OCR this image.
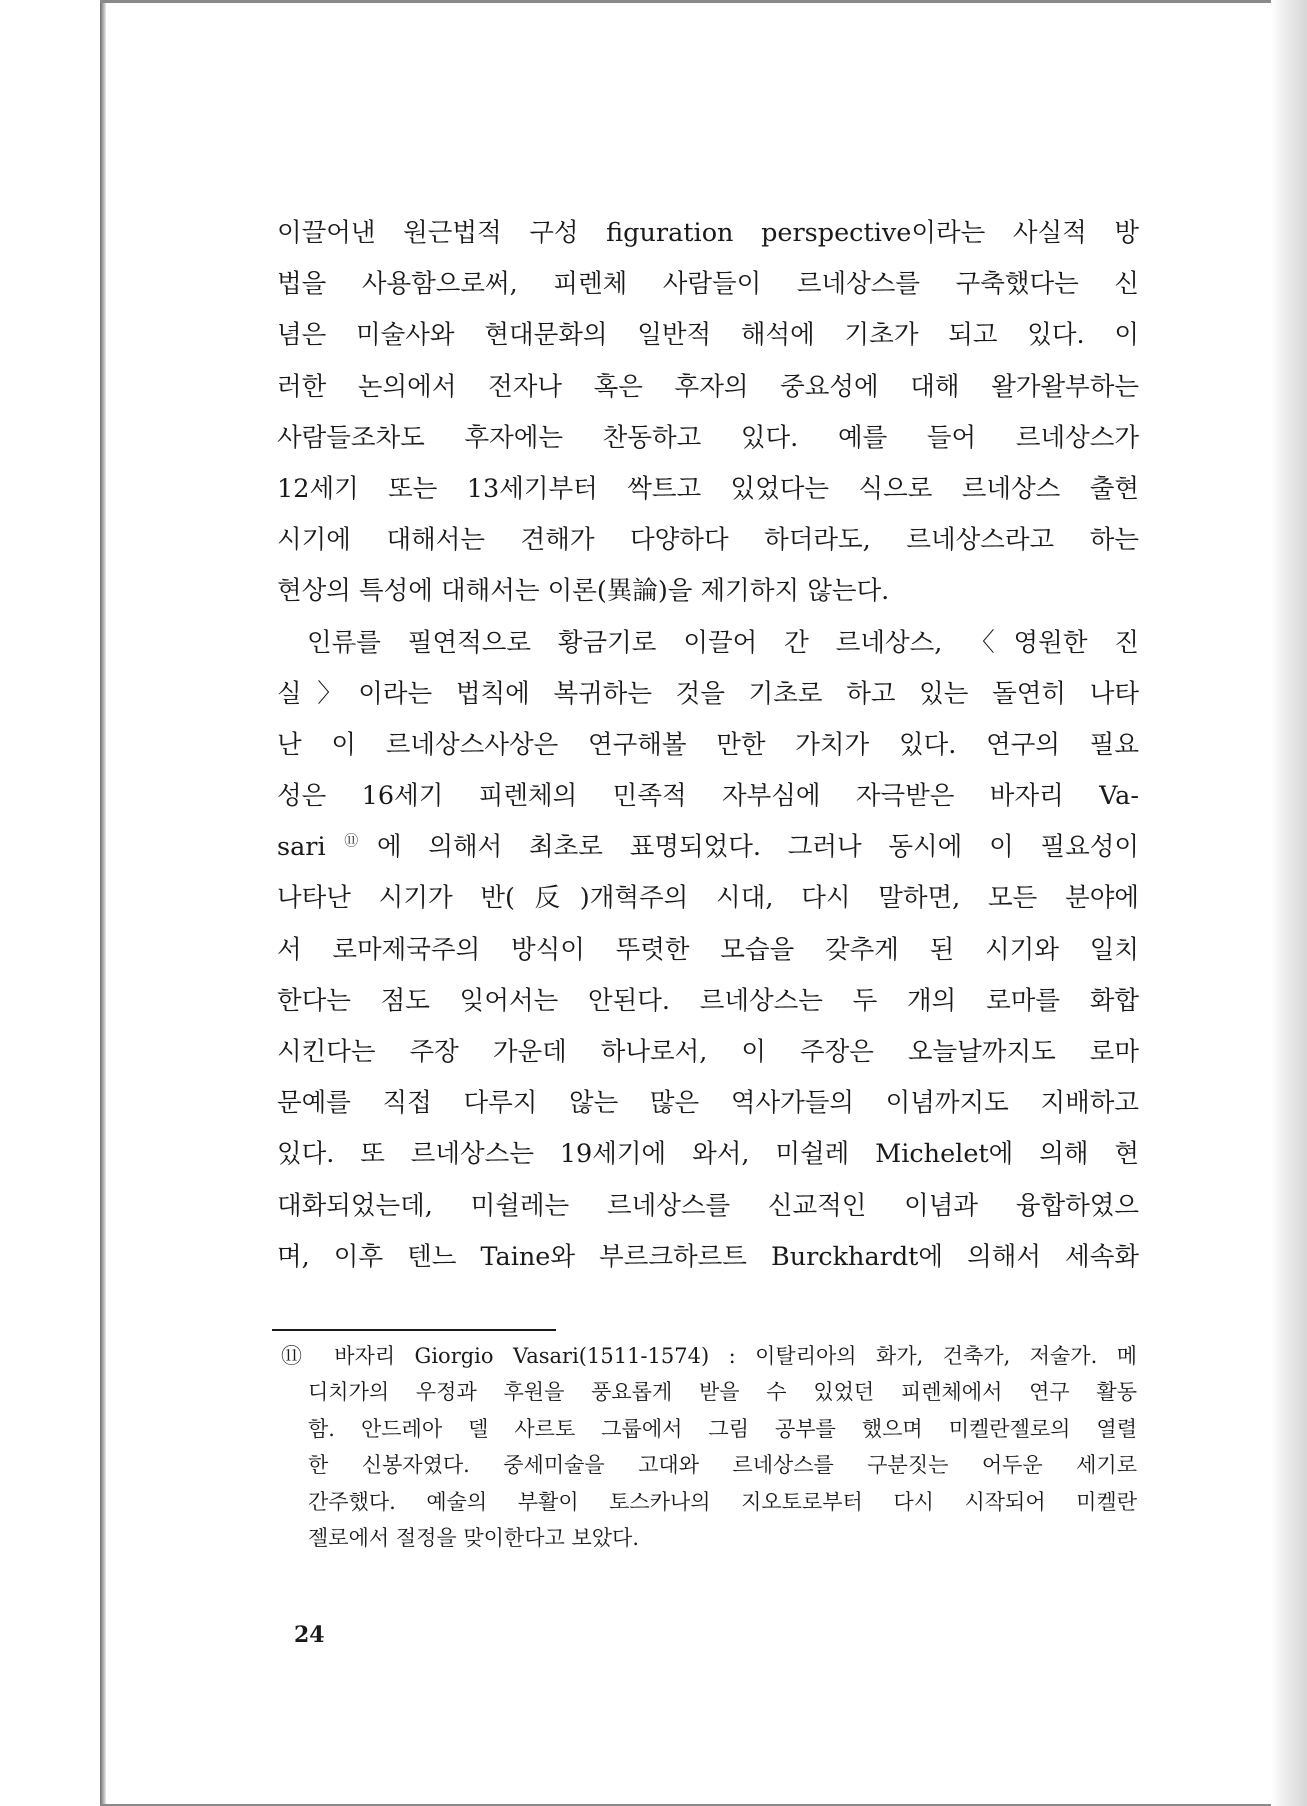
이끌어낸 원근법적 구성 figuration perspective이라는 사실적 방
법을 사용함으로써, 피렌체 사람들이 르네상스를 구축했다는 신
념은 미술사와 현대문화의 일반적 해석에 기초가 되고 있다. 이
러한 논의에서 전자나 혹은 후자의 중요성에 대해 왈가왈부하는
사람들조차도 후자에는 찬동하고 있다. 예를 들어 르네상스가
12세기 또는 13세기부터 싹트고 있었다는 식으로 르네상스 출현
시기에 대해서는 견해가 다양하다 하더라도, 르네상스라고 하는
현상의 특성에 대해서는 이론(異論)을 제기하지 않는다.
인류를 필연적으로 황금기로 이끌어 간 르네상스, 〈영원한 진
실〉이라는 법칙에 복귀하는 것을 기초로 하고 있는 돌연히 나타
난 이 르네상스사상은 연구해볼 만한 가치가 있다. 연구의 필요
성은 16세기 피렌체의 민족적 자부심에 자극받은 바자리 Va-
sari⑪에 의해서 최초로 표명되었다. 그러나 동시에 이 필요성이
나타난 시기가 반(反)개혁주의 시대, 다시 말하면, 모든 분야에
서 로마제국주의 방식이 뚜렷한 모습을 갖추게 된 시기와 일치
한다는 점도 잊어서는 안된다. 르네상스는 두 개의 로마를 화합
시킨다는 주장 가운데 하나로서, 이 주장은 오늘날까지도 로마
문예를 직접 다루지 않는 많은 역사가들의 이념까지도 지배하고
있다. 또 르네상스는 19세기에 와서, 미쉴레 Michelet에 의해 현
대화되었는데, 미쉴레는 르네상스를 신교적인 이념과 융합하였으
며, 이후 텐느 Taine와 부르크하르트 Burckhardt에 의해서 세속화
⑪ 바자리 Giorgio Vasari(1511-1574) : 이탈리아의 화가, 건축가, 저술가. 메
디치가의 우정과 후원을 풍요롭게 받을 수 있었던 피렌체에서 연구 활동
함. 안드레아 델 사르토 그룹에서 그림 공부를 했으며 미켈란젤로의 열렬
한 신봉자였다. 중세미술을 고대와 르네상스를 구분짓는 어두운 세기로
간주했다. 예술의 부활이 토스카나의 지오토로부터 다시 시작되어 미켈란
젤로에서 절정을 맞이한다고 보았다.
24
